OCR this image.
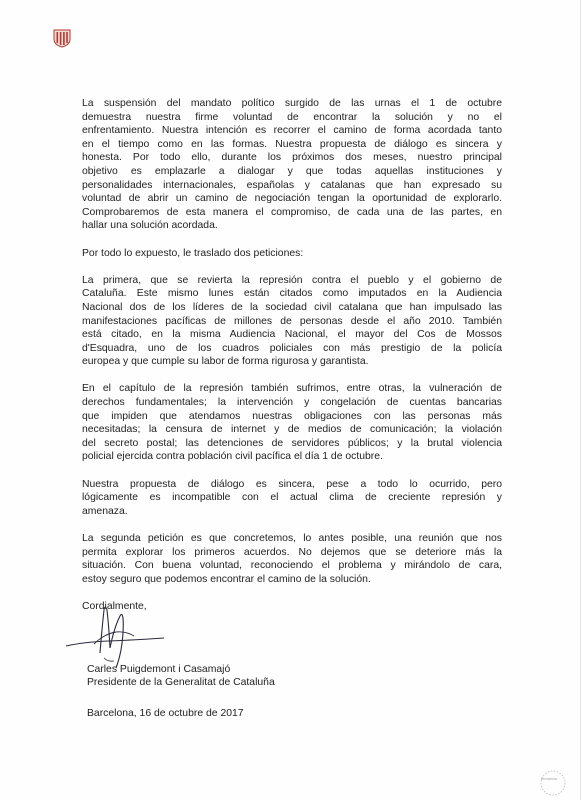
La suspensión del mandato político surgido de las urnas el 1 de octubre
demuestra nuestra firme voluntad de encontrar la solución y no el
enfrentamiento. Nuestra intención es recorrer el camino de forma acordada tanto
en el tiempo como en las formas. Nuestra propuesta de diálogo es sincera y
honesta. Por todo ello, durante los próximos dos meses, nuestro principal
objetivo es emplazarle a dialogar y que todas aquellas instituciones y
personalidades internacionales, españolas y catalanas que han expresado su
voluntad de abrir un camino de negociación tengan la oportunidad de explorarlo.
Comprobaremos de esta manera el compromiso, de cada una de las partes, en
hallar una solución acordada.
Por todo lo expuesto, le traslado dos peticiones:
La primera, que se revierta la represión contra el pueblo y el gobierno de
Cataluña. Este mismo lunes están citados como imputados en la Audiencia
Nacional dos de los líderes de la sociedad civil catalana que han impulsado las
manifestaciones pacíficas de millones de personas desde el año 2010. También
está citado, en la misma Audiencia Nacional, el mayor del Cos de Mossos
d'Esquadra, uno de los cuadros policiales con más prestigio de la policía
europea y que cumple su labor de forma rigurosa y garantista.
En el capítulo de la represión también sufrimos, entre otras, la vulneración de
derechos fundamentales; la intervención y congelación de cuentas bancarias
que impiden que atendamos nuestras obligaciones con las personas más
necesitadas; la censura de internet y de medios de comunicación; la violación
del secreto postal; las detenciones de servidores públicos; y la brutal violencia
policial ejercida contra población civil pacífica el día 1 de octubre.
Nuestra propuesta de diálogo es sincera, pese a todo lo ocurrido, pero
lógicamente es incompatible con el actual clima de creciente represión y
amenaza.
La segunda petición es que concretemos, lo antes posible, una reunión que nos
permita explorar los primeros acuerdos. No dejemos que se deteriore más la
situación. Con buena voluntad, reconociendo el problema y mirándolo de cara,
estoy seguro que podemos encontrar el camino de la solución.
Cordialmente,
Carles Puigdemont i Casamajó
Presidente de la Generalitat de Cataluña
Barcelona, 16 de octubre de 2017
elmundo
